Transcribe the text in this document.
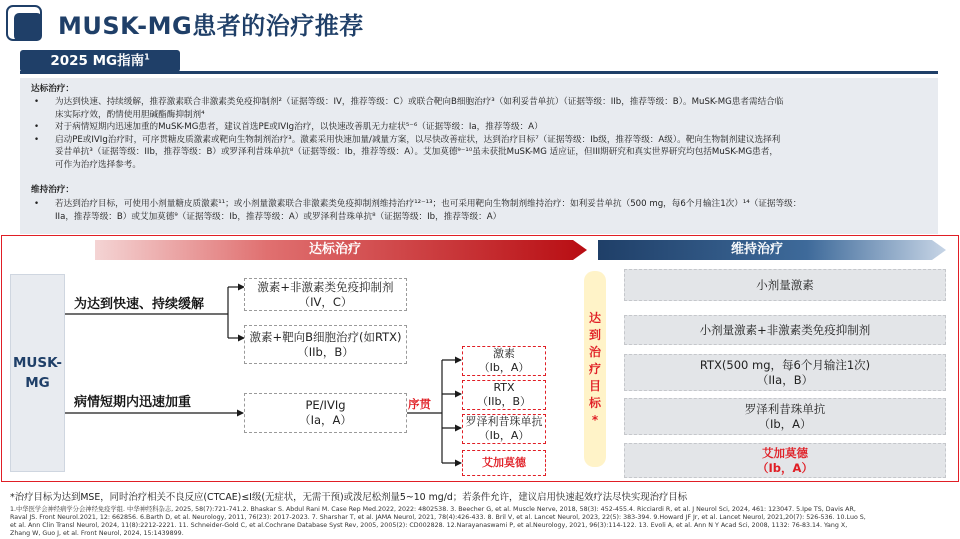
MUSK-MG患者的治疗推荐
2025 MG指南$^1$
达标治疗：
• 为达到快速、持续缓解，推荐激素联合非激素类免疫抑制剂²（证据等级：IV，推荐等级：C）或联合靶向B细胞治疗³（如利妥昔单抗）（证据等级：IIb，推荐等级：B）。MuSK-MG患者需结合临
床实际疗效，酌情使用胆碱酯酶抑制剂⁴
• 对于病情短期内迅速加重的MuSK-MG患者，建议首选PE或IVIg治疗，以快速改善肌无力症状⁵⁻⁶（证据等级：Ia，推荐等级：A）
• 启动PE或IVIg治疗时，可序贯糖皮质激素或靶向生物制剂治疗³。激素采用快速加量/减量方案，以尽快改善症状，达到治疗目标⁷（证据等级：Ib级，推荐等级：A级）。靶向生物制剂建议选择利
妥昔单抗³（证据等级：IIb，推荐等级：B）或罗泽利昔珠单抗⁸（证据等级：Ib，推荐等级：A）。艾加莫德⁹⁻¹⁰虽未获批MuSK-MG 适应证，但III期研究和真实世界研究均包括MuSK-MG患者，
可作为治疗选择参考。
维持治疗：
• 若达到治疗目标，可使用小剂量糖皮质激素¹¹；或小剂量激素联合非激素类免疫抑制剂维持治疗¹²⁻¹³；也可采用靶向生物制剂维持治疗：如利妥昔单抗（500 mg，每6个月输注1次）¹⁴（证据等级：
IIa，推荐等级：B）或艾加莫德⁹（证据等级：Ib，推荐等级：A）或罗泽利昔珠单抗⁸（证据等级：Ib，推荐等级：A）
达标治疗	维持治疗
MUSK-
MG
为达到快速、持续缓解
病情短期内迅速加重
激素+非激素类免疫抑制剂
（IV，C）
激素+靶向B细胞治疗(如RTX)
（IIb，B）
PE/IVIg
（Ia，A）
序贯
激素
（Ib，A）
RTX
（IIb，B）
罗泽利昔珠单抗
（Ib，A）
艾加莫德
达
到
治
疗
目
标
*
小剂量激素
小剂量激素+非激素类免疫抑制剂
RTX(500 mg，每6个月输注1次)
（IIa，B）
罗泽利昔珠单抗
（Ib，A）
艾加莫德
（Ib，A）
*治疗目标为达到MSE，同时治疗相关不良反应(CTCAE)≤I级(无症状，无需干预)或泼尼松剂量5~10 mg/d；若条件允许，建议启用快速起效疗法尽快实现治疗目标
1.中华医学会神经病学分会神经免疫学组. 中华神经科杂志, 2025, 58(7):721-741.2. Bhaskar S. Abdul Rani M. Case Rep Med.2022, 2022: 4802538. 3. Beecher G, et al. Muscle Nerve, 2018, 58(3): 452-455.4. Ricciardi R, et al. J Neurol Sci, 2024, 461: 123047. 5.Ipe TS, Davis AR,
Raval JS. Front Neurol.2021, 12: 662856. 6.Barth D, et al. Neurology, 2011, 76(23): 2017-2023. 7. Sharshar T, et al. JAMA Neurol, 2021, 78(4):426-433. 8. Bril V, et al. Lancet Neurol, 2023, 22(5): 383-394. 9.Howard JF Jr, et al. Lancet Neurol, 2021,20(7): 526-536. 10.Luo S,
et al. Ann Clin Transl Neurol, 2024, 11(8):2212-2221. 11. Schneider-Gold C, et al.Cochrane Database Syst Rev, 2005, 2005(2): CD002828. 12.Narayanaswami P, et al.Neurology, 2021, 96(3):114-122. 13. Evoli A, et al. Ann N Y Acad Sci, 2008, 1132: 76-83.14. Yang X,
Zhang W, Guo J, et al. Front Neurol, 2024, 15:1439899.
